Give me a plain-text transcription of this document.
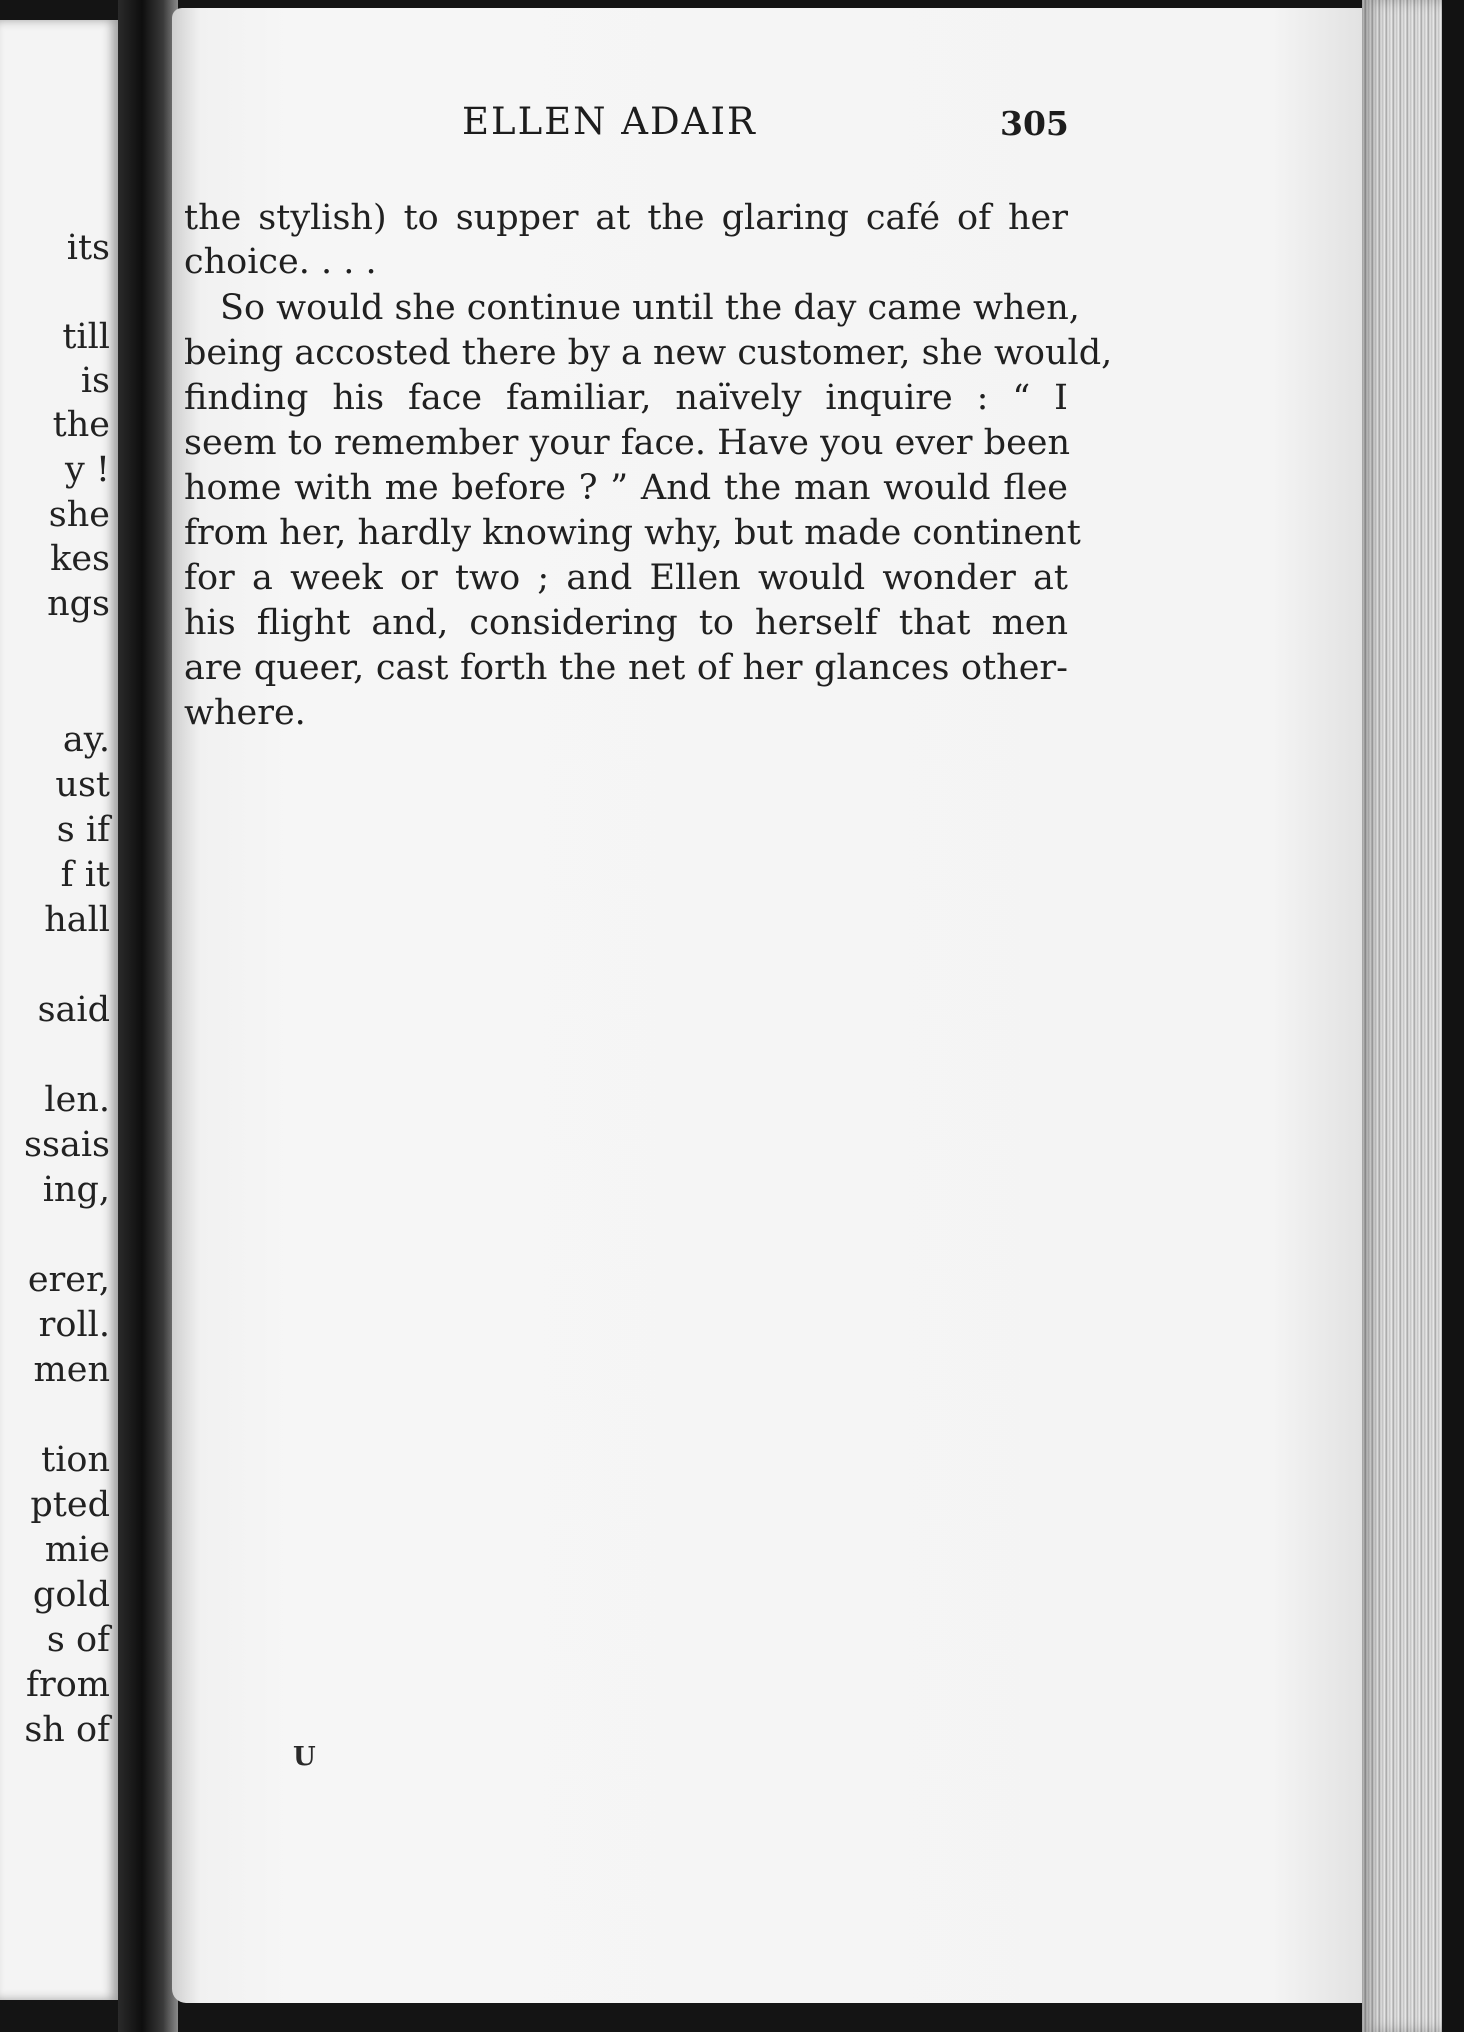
its
till
is
the
y !
she
kes
ngs
ay.
ust
s if
f it
hall
said
len.
ssais
ing,
erer,
roll.
men
tion
pted
mie
gold
s of
from
sh of
ELLEN ADAIR	305
the stylish) to supper at the glaring café of her
choice. . . .
So would she continue until the day came when,
being accosted there by a new customer, she would,
finding his face familiar, naïvely inquire : “ I
seem to remember your face. Have you ever been
home with me before ? ” And the man would flee
from her, hardly knowing why, but made continent
for a week or two ; and Ellen would wonder at
his flight and, considering to herself that men
are queer, cast forth the net of her glances other-
where.
U
